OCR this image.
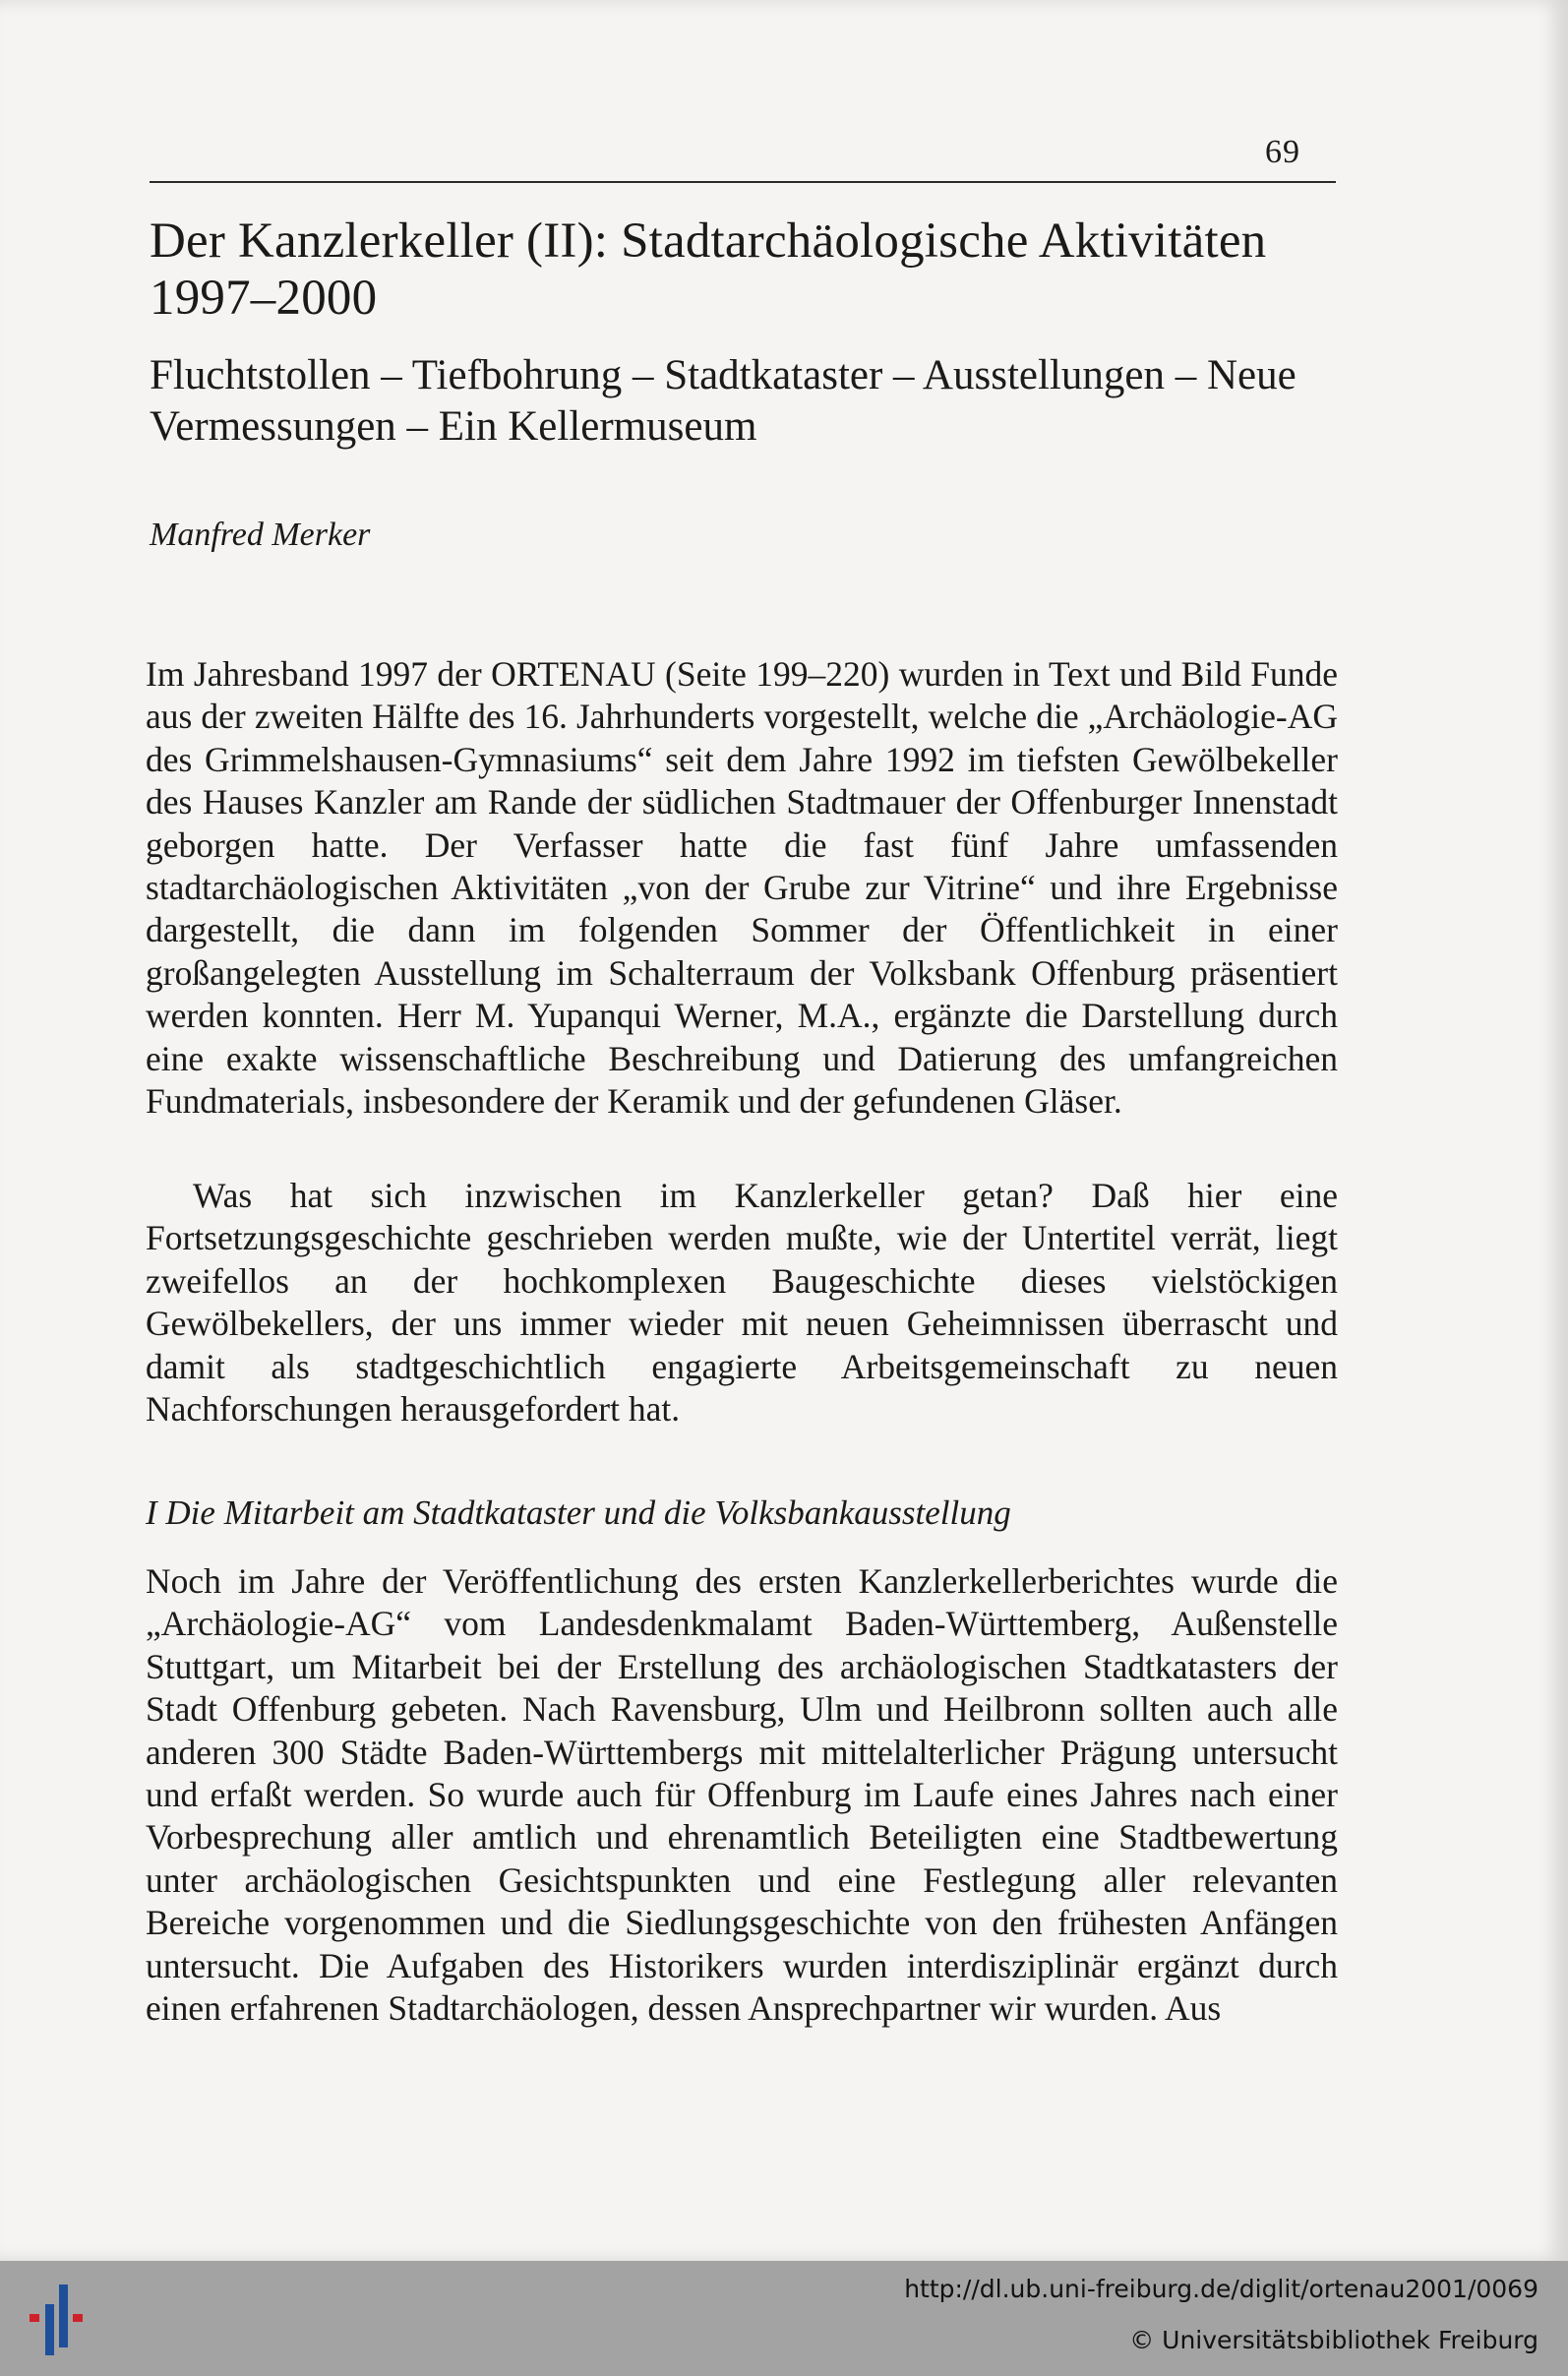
69
Der Kanzlerkeller (II): Stadtarchäologische Aktivitäten 1997–2000
Fluchtstollen – Tiefbohrung – Stadtkataster – Ausstellungen – Neue Vermessungen – Ein Kellermuseum
Manfred Merker

Im Jahresband 1997 der ORTENAU (Seite 199–220) wurden in Text und Bild Funde aus der zweiten Hälfte des 16. Jahrhunderts vorgestellt, welche die „Archäologie-AG des Grimmelshausen-Gymnasiums“ seit dem Jahre 1992 im tiefsten Gewölbekeller des Hauses Kanzler am Rande der südlichen Stadtmauer der Offenburger Innenstadt geborgen hatte. Der Verfasser hatte die fast fünf Jahre umfassenden stadtarchäologischen Aktivitäten „von der Grube zur Vitrine“ und ihre Ergebnisse dargestellt, die dann im folgenden Sommer der Öffentlichkeit in einer großangelegten Ausstellung im Schalterraum der Volksbank Offenburg präsentiert werden konnten. Herr M. Yupanqui Werner, M.A., ergänzte die Darstellung durch eine exakte wissenschaftliche Beschreibung und Datierung des umfangreichen Fundmaterials, insbesondere der Keramik und der gefundenen Gläser.

Was hat sich inzwischen im Kanzlerkeller getan? Daß hier eine Fortsetzungsgeschichte geschrieben werden mußte, wie der Untertitel verrät, liegt zweifellos an der hochkomplexen Baugeschichte dieses vielstöckigen Gewölbekellers, der uns immer wieder mit neuen Geheimnissen überrascht und damit als stadtgeschichtlich engagierte Arbeitsgemeinschaft zu neuen Nachforschungen herausgefordert hat.

I Die Mitarbeit am Stadtkataster und die Volksbankausstellung

Noch im Jahre der Veröffentlichung des ersten Kanzlerkellerberichtes wurde die „Archäologie-AG“ vom Landesdenkmalamt Baden-Württemberg, Außenstelle Stuttgart, um Mitarbeit bei der Erstellung des archäologischen Stadtkatasters der Stadt Offenburg gebeten. Nach Ravensburg, Ulm und Heilbronn sollten auch alle anderen 300 Städte Baden-Württembergs mit mittelalterlicher Prägung untersucht und erfaßt werden. So wurde auch für Offenburg im Laufe eines Jahres nach einer Vorbesprechung aller amtlich und ehrenamtlich Beteiligten eine Stadtbewertung unter archäologischen Gesichtspunkten und eine Festlegung aller relevanten Bereiche vorgenommen und die Siedlungsgeschichte von den frühesten Anfängen untersucht. Die Aufgaben des Historikers wurden interdisziplinär ergänzt durch einen erfahrenen Stadtarchäologen, dessen Ansprechpartner wir wurden. Aus

http://dl.ub.uni-freiburg.de/diglit/ortenau2001/0069
© Universitätsbibliothek Freiburg
